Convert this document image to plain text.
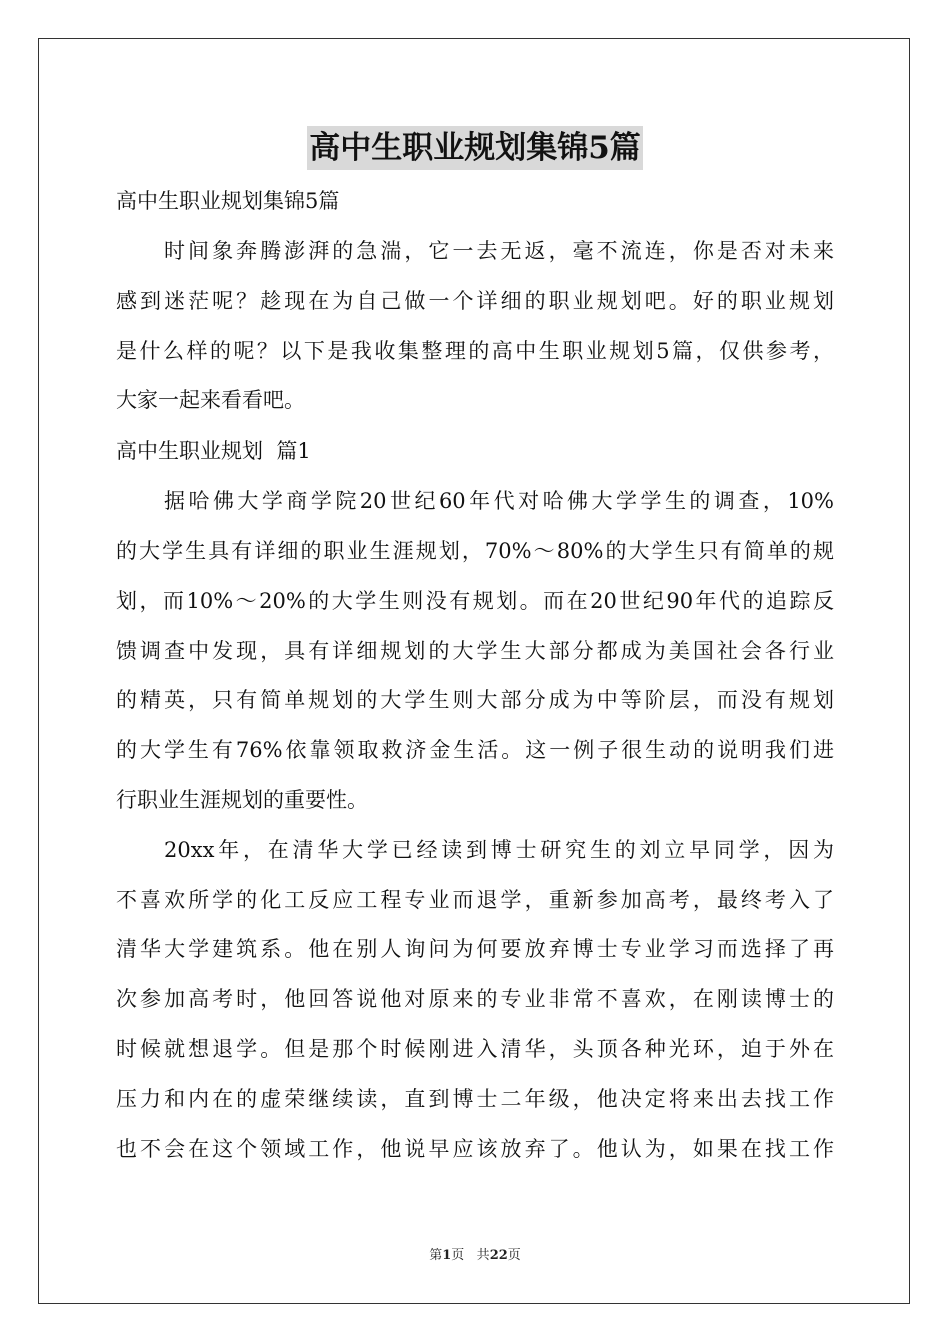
高中生职业规划集锦5篇
高中生职业规划集锦5篇
时间象奔腾澎湃的急湍，它一去无返，毫不流连，你是否对未来
感到迷茫呢？趁现在为自己做一个详细的职业规划吧。好的职业规划
是什么样的呢？以下是我收集整理的高中生职业规划5篇，仅供参考，
大家一起来看看吧。
高中生职业规划  篇1
据哈佛大学商学院20世纪60年代对哈佛大学学生的调查，10%
的大学生具有详细的职业生涯规划，70%～80%的大学生只有简单的规
划，而10%～20%的大学生则没有规划。而在20世纪90年代的追踪反
馈调查中发现，具有详细规划的大学生大部分都成为美国社会各行业
的精英，只有简单规划的大学生则大部分成为中等阶层，而没有规划
的大学生有76%依靠领取救济金生活。这一例子很生动的说明我们进
行职业生涯规划的重要性。
20xx年，在清华大学已经读到博士研究生的刘立早同学，因为
不喜欢所学的化工反应工程专业而退学，重新参加高考，最终考入了
清华大学建筑系。他在别人询问为何要放弃博士专业学习而选择了再
次参加高考时，他回答说他对原来的专业非常不喜欢，在刚读博士的
时候就想退学。但是那个时候刚进入清华，头顶各种光环，迫于外在
压力和内在的虚荣继续读，直到博士二年级，他决定将来出去找工作
也不会在这个领域工作，他说早应该放弃了。他认为，如果在找工作
第1页 共22页
